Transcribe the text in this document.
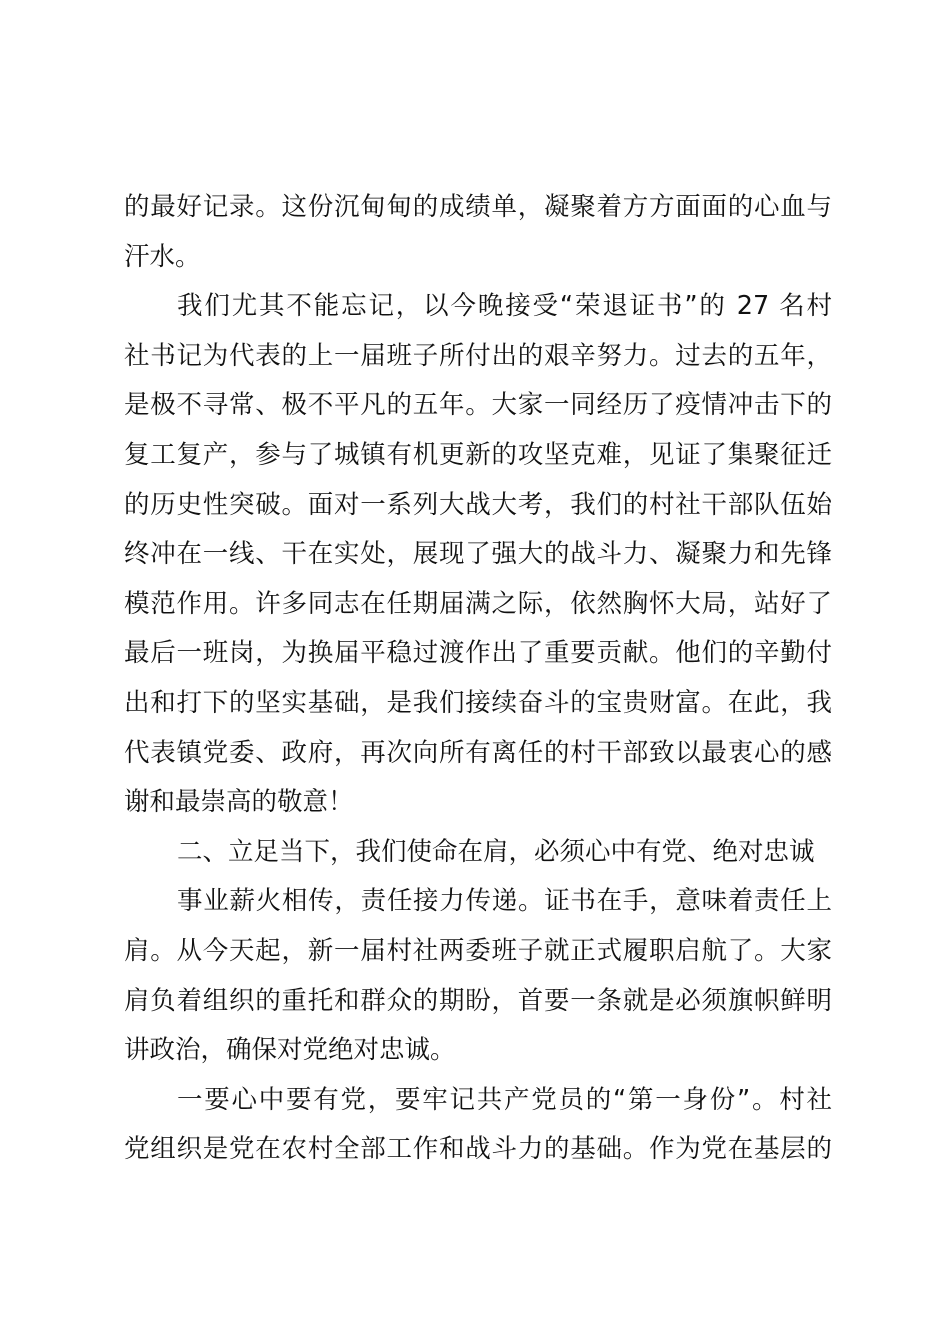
的最好记录。这份沉甸甸的成绩单，凝聚着方方面面的心血与
汗水。
我们尤其不能忘记，以今晚接受“荣退证书”的 27 名村
社书记为代表的上一届班子所付出的艰辛努力。过去的五年，
是极不寻常、极不平凡的五年。大家一同经历了疫情冲击下的
复工复产，参与了城镇有机更新的攻坚克难，见证了集聚征迁
的历史性突破。面对一系列大战大考，我们的村社干部队伍始
终冲在一线、干在实处，展现了强大的战斗力、凝聚力和先锋
模范作用。许多同志在任期届满之际，依然胸怀大局，站好了
最后一班岗，为换届平稳过渡作出了重要贡献。他们的辛勤付
出和打下的坚实基础，是我们接续奋斗的宝贵财富。在此，我
代表镇党委、政府，再次向所有离任的村干部致以最衷心的感
谢和最崇高的敬意！
二、立足当下，我们使命在肩，必须心中有党、绝对忠诚
事业薪火相传，责任接力传递。证书在手，意味着责任上
肩。从今天起，新一届村社两委班子就正式履职启航了。大家
肩负着组织的重托和群众的期盼，首要一条就是必须旗帜鲜明
讲政治，确保对党绝对忠诚。
一要心中要有党，要牢记共产党员的“第一身份”。村社
党组织是党在农村全部工作和战斗力的基础。作为党在基层的
